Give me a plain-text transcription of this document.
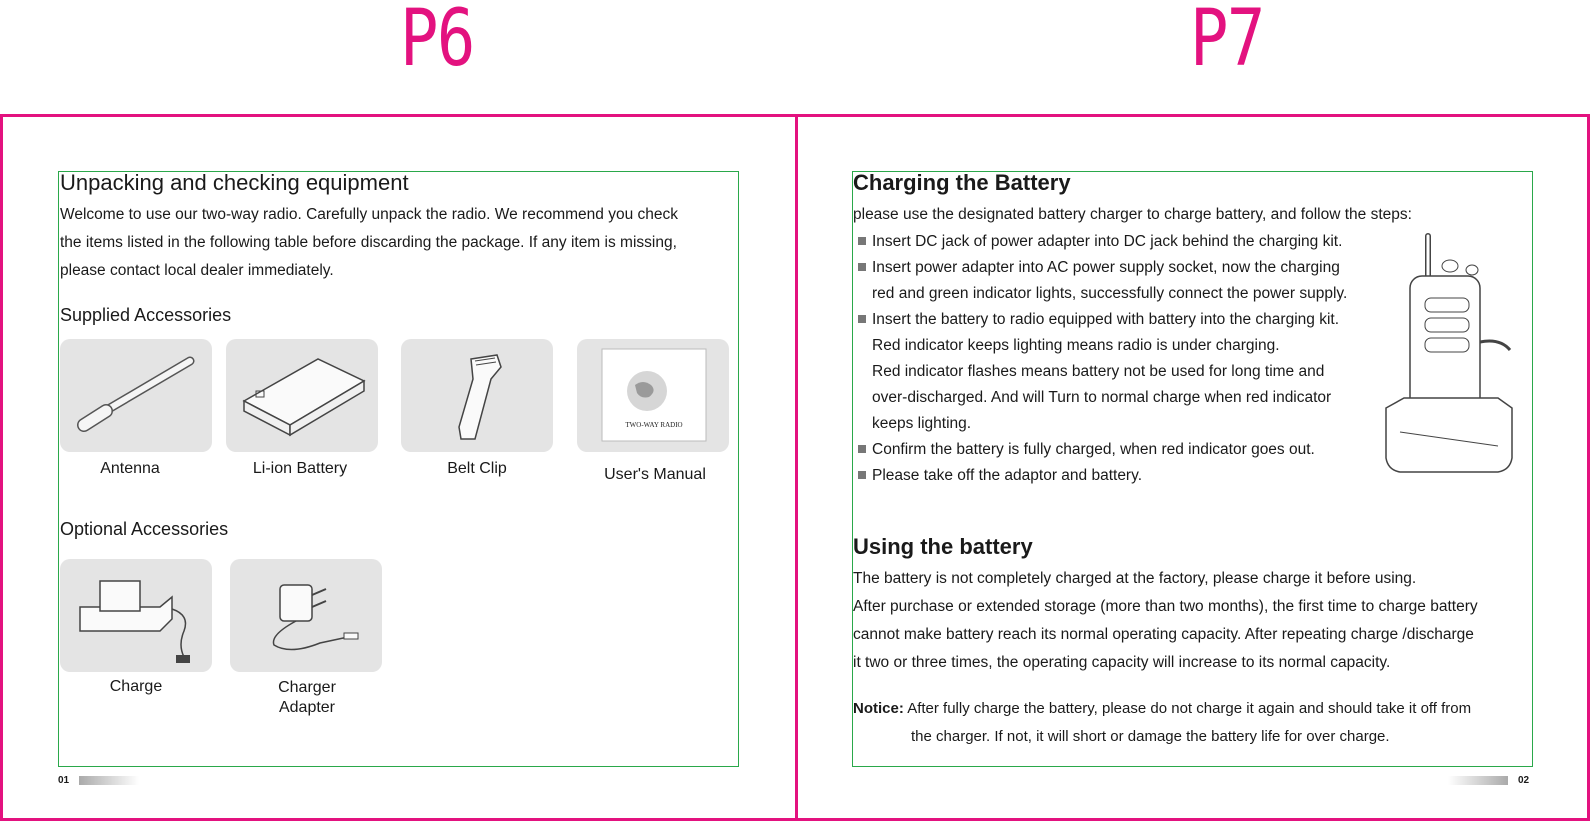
P6	P7
Unpacking and checking equipment
Welcome to use our two-way radio. Carefully unpack the radio. We recommend you check
the items listed in the following table before discarding the package. If any item is missing,
please contact local dealer immediately.
Supplied Accessories
TWO-WAY RADIO
Antenna	Li-ion Battery	Belt Clip	User's Manual
Optional Accessories
Charge	Charger
Adapter
Charging the Battery
please use the designated battery charger to charge battery, and follow the steps:
Insert DC jack of power adapter into DC jack behind the charging kit.
Insert power adapter into AC power supply socket, now the charging
red and green indicator lights, successfully connect the power supply.
Insert the battery to radio equipped with battery into the charging kit.
Red indicator keeps lighting means radio is under charging.
Red indicator flashes means battery not be used for long time and
over-discharged. And will Turn to normal charge when red indicator
keeps lighting.
Confirm the battery is fully charged, when red indicator goes out.
Please take off the adaptor and battery.
Using the battery
The battery is not completely charged at the factory, please charge it before using.
After purchase or extended storage (more than two months), the first time to charge battery
cannot make battery reach its normal operating capacity. After repeating charge /discharge
it two or three times, the operating capacity will increase to its normal capacity.
Notice: After fully charge the battery, please do not charge it again and should take it off from
the charger. If not, it will short or damage the battery life for over charge.
01	02
